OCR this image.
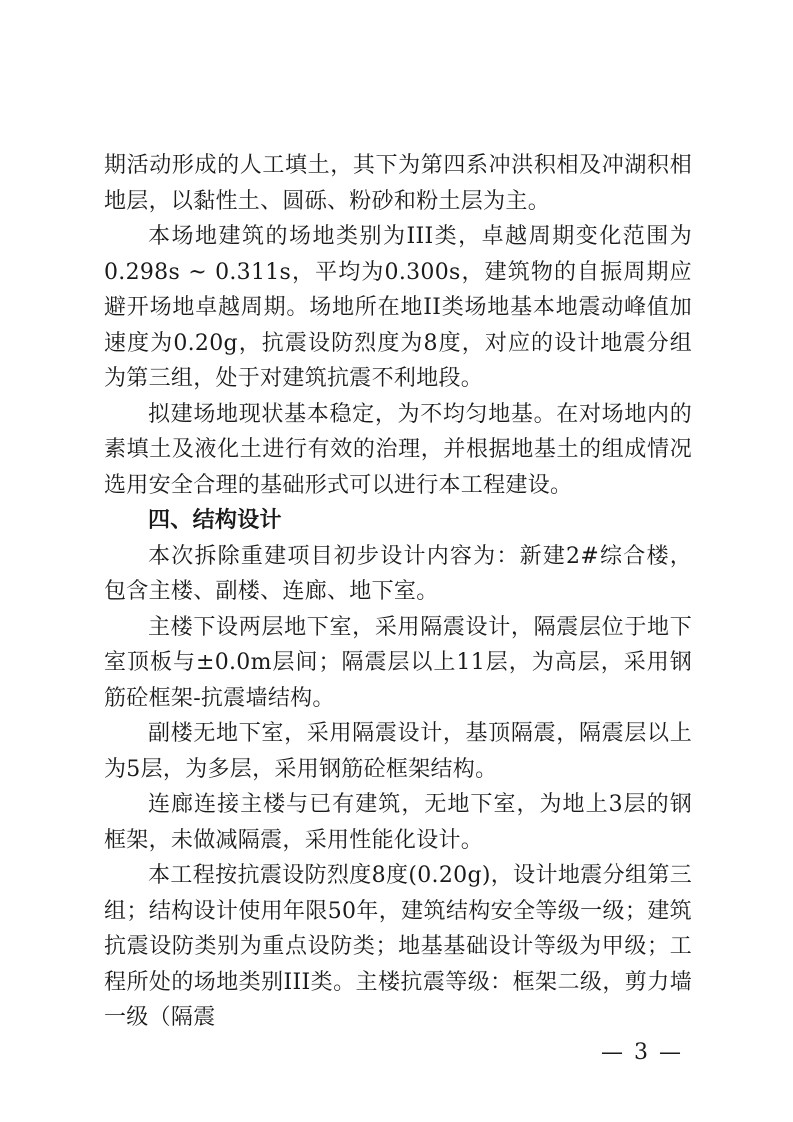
期活动形成的人工填土，其下为第四系冲洪积相及冲湖积相地层，以黏性土、圆砾、粉砂和粉土层为主。

本场地建筑的场地类别为III类，卓越周期变化范围为0.298s ~ 0.311s，平均为0.300s，建筑物的自振周期应避开场地卓越周期。场地所在地II类场地基本地震动峰值加速度为0.20g，抗震设防烈度为8度，对应的设计地震分组为第三组，处于对建筑抗震不利地段。

拟建场地现状基本稳定，为不均匀地基。在对场地内的素填土及液化土进行有效的治理，并根据地基土的组成情况选用安全合理的基础形式可以进行本工程建设。

四、结构设计

本次拆除重建项目初步设计内容为：新建2#综合楼，包含主楼、副楼、连廊、地下室。

主楼下设两层地下室，采用隔震设计，隔震层位于地下室顶板与±0.0m层间；隔震层以上11层，为高层，采用钢筋砼框架-抗震墙结构。

副楼无地下室，采用隔震设计，基顶隔震，隔震层以上为5层，为多层，采用钢筋砼框架结构。

连廊连接主楼与已有建筑，无地下室，为地上3层的钢框架，未做减隔震，采用性能化设计。

本工程按抗震设防烈度8度(0.20g)，设计地震分组第三组；结构设计使用年限50年，建筑结构安全等级一级；建筑抗震设防类别为重点设防类；地基基础设计等级为甲级；工程所处的场地类别III类。主楼抗震等级：框架二级，剪力墙一级（隔震

— 3 —
